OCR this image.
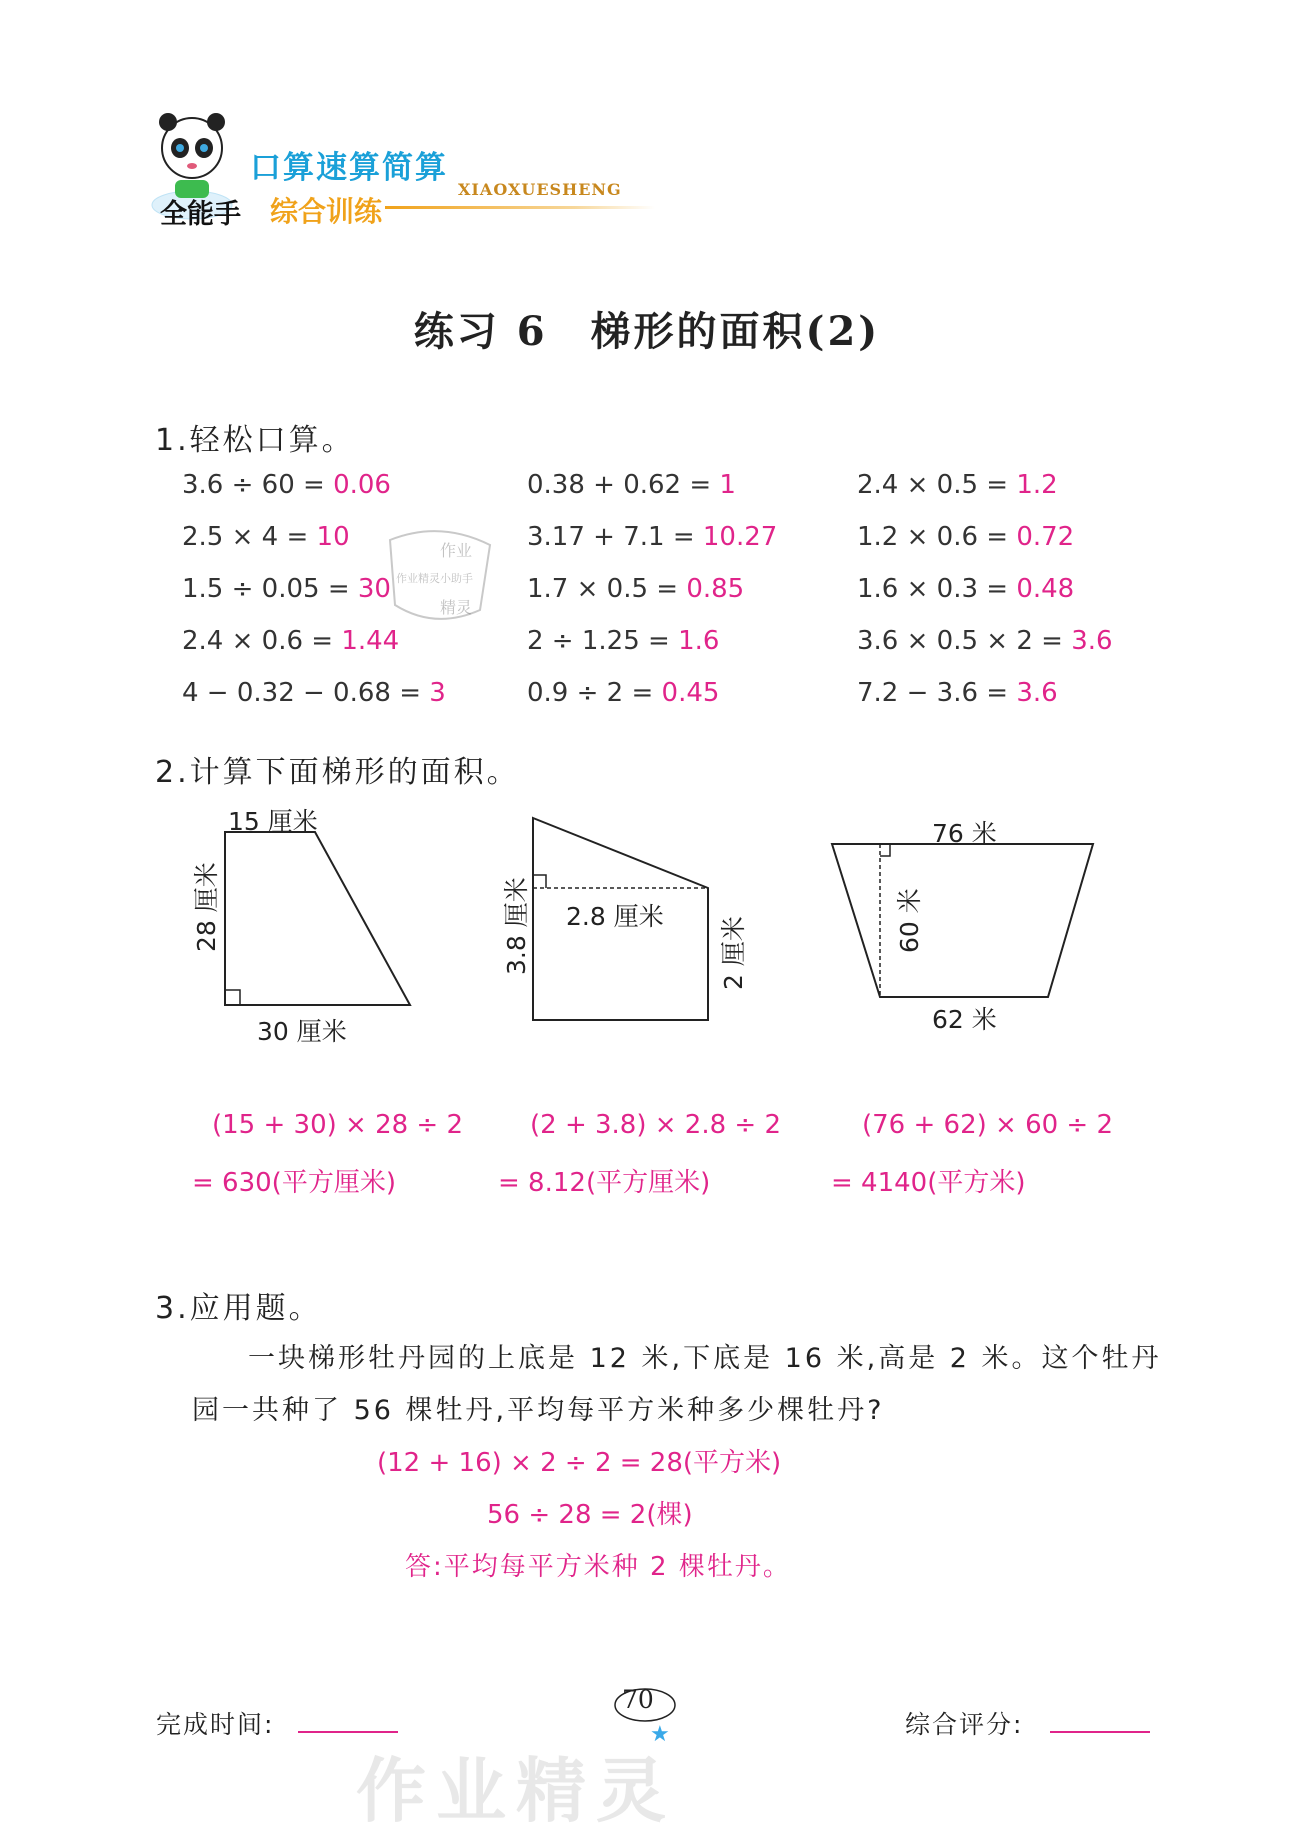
口算速算简算
全能手 综合训练
XIAOXUESHENG
练习 6　梯形的面积(2)
1.轻松口算。
3.6 ÷ 60 = 0.06	0.38 + 0.62 = 1	2.4 × 0.5 = 1.2
2.5 × 4 = 10	3.17 + 7.1 = 10.27	1.2 × 0.6 = 0.72
1.5 ÷ 0.05 = 30	1.7 × 0.5 = 0.85	1.6 × 0.3 = 0.48
2.4 × 0.6 = 1.44	2 ÷ 1.25 = 1.6	3.6 × 0.5 × 2 = 3.6
4 − 0.32 − 0.68 = 3	0.9 ÷ 2 = 0.45	7.2 − 3.6 = 3.6
作业
作业精灵小助手
精灵
2.计算下面梯形的面积。
15 厘米
28 厘米
30 厘米
3.8 厘米 2.8 厘米 2 厘米
76 米
60 米
62 米
(15 + 30) × 28 ÷ 2
= 630(平方厘米)
(2 + 3.8) × 2.8 ÷ 2
= 8.12(平方厘米)
(76 + 62) × 60 ÷ 2
= 4140(平方米)
3.应用题。
一块梯形牡丹园的上底是 12 米,下底是 16 米,高是 2 米。这个牡丹
园一共种了 56 棵牡丹,平均每平方米种多少棵牡丹?
(12 + 16) × 2 ÷ 2 = 28(平方米)
56 ÷ 28 = 2(棵)
答:平均每平方米种 2 棵牡丹。
完成时间:
70
★	综合评分:
作业精灵
